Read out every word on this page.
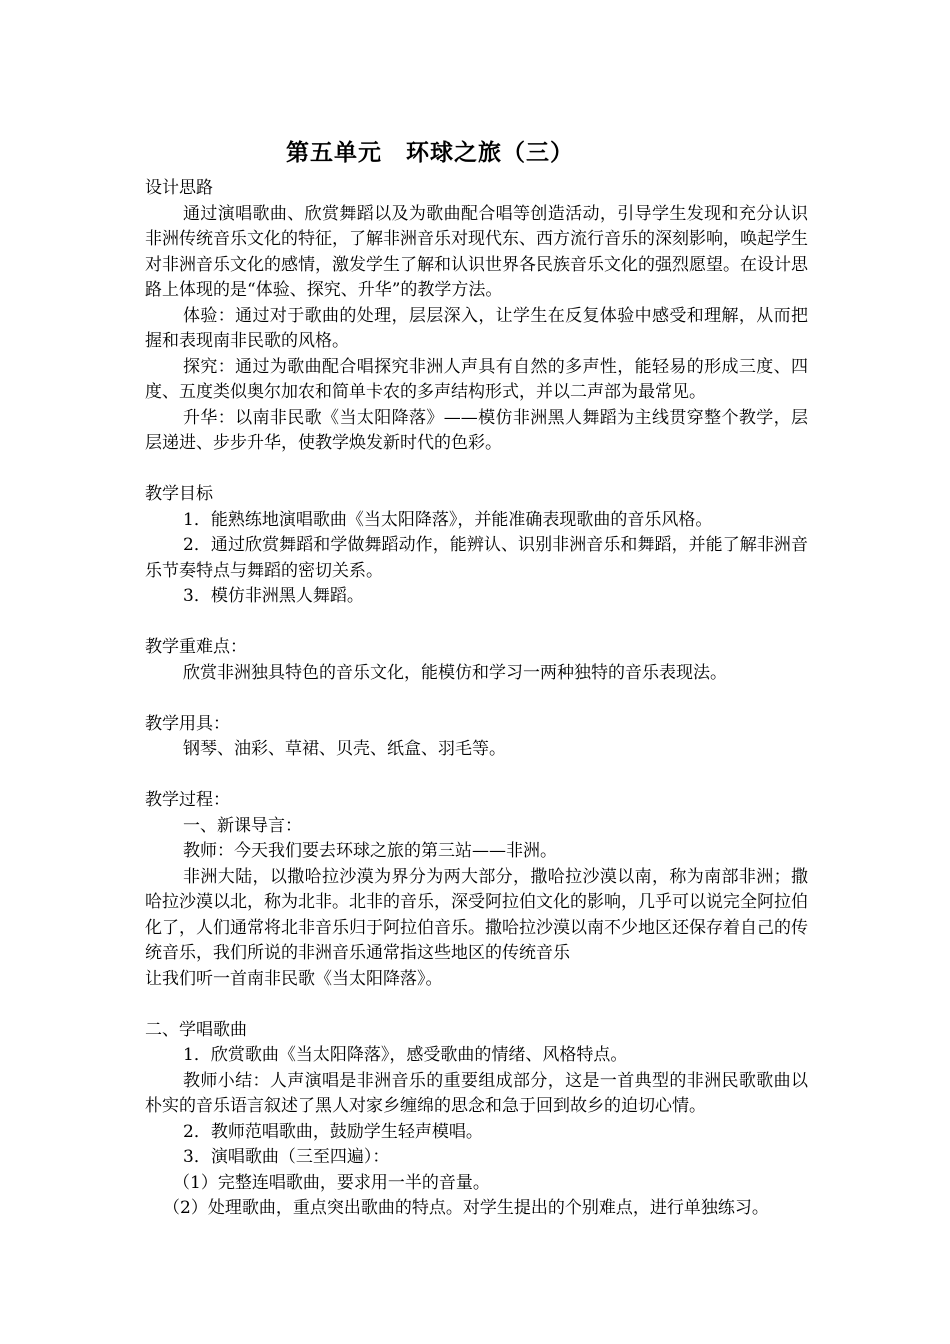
第五单元　环球之旅（三）

设计思路

通过演唱歌曲、欣赏舞蹈以及为歌曲配合唱等创造活动，引导学生发现和充分认识非洲传统音乐文化的特征，了解非洲音乐对现代东、西方流行音乐的深刻影响，唤起学生对非洲音乐文化的感情，激发学生了解和认识世界各民族音乐文化的强烈愿望。在设计思路上体现的是“体验、探究、升华”的教学方法。

体验：通过对于歌曲的处理，层层深入，让学生在反复体验中感受和理解，从而把握和表现南非民歌的风格。

探究：通过为歌曲配合唱探究非洲人声具有自然的多声性，能轻易的形成三度、四度、五度类似奥尔加农和简单卡农的多声结构形式，并以二声部为最常见。

升华：以南非民歌《当太阳降落》——模仿非洲黑人舞蹈为主线贯穿整个教学，层层递进、步步升华，使教学焕发新时代的色彩。

教学目标

1．能熟练地演唱歌曲《当太阳降落》，并能准确表现歌曲的音乐风格。

2．通过欣赏舞蹈和学做舞蹈动作，能辨认、识别非洲音乐和舞蹈，并能了解非洲音乐节奏特点与舞蹈的密切关系。

3．模仿非洲黑人舞蹈。

教学重难点：

欣赏非洲独具特色的音乐文化，能模仿和学习一两种独特的音乐表现法。

教学用具：

钢琴、油彩、草裙、贝壳、纸盒、羽毛等。

教学过程：

一、新课导言：

教师：今天我们要去环球之旅的第三站——非洲。

非洲大陆，以撒哈拉沙漠为界分为两大部分，撒哈拉沙漠以南，称为南部非洲；撒哈拉沙漠以北，称为北非。北非的音乐，深受阿拉伯文化的影响，几乎可以说完全阿拉伯化了，人们通常将北非音乐归于阿拉伯音乐。撒哈拉沙漠以南不少地区还保存着自己的传统音乐，我们所说的非洲音乐通常指这些地区的传统音乐

让我们听一首南非民歌《当太阳降落》。

二、学唱歌曲

1．欣赏歌曲《当太阳降落》，感受歌曲的情绪、风格特点。

教师小结：人声演唱是非洲音乐的重要组成部分，这是一首典型的非洲民歌歌曲以朴实的音乐语言叙述了黑人对家乡缠绵的思念和急于回到故乡的迫切心情。

2．教师范唱歌曲，鼓励学生轻声模唱。

3．演唱歌曲（三至四遍）：

（1）完整连唱歌曲，要求用一半的音量。

（2）处理歌曲，重点突出歌曲的特点。对学生提出的个别难点，进行单独练习。
